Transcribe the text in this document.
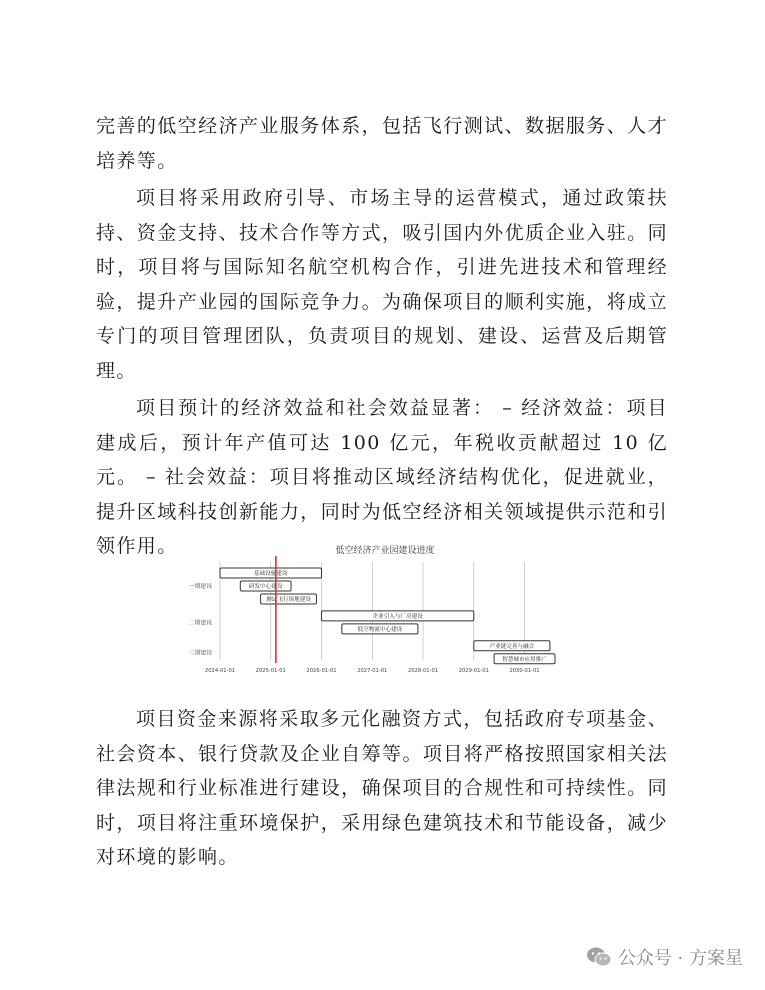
完善的低空经济产业服务体系，包括飞行测试、数据服务、人才培养等。

项目将采用政府引导、市场主导的运营模式，通过政策扶持、资金支持、技术合作等方式，吸引国内外优质企业入驻。同时，项目将与国际知名航空机构合作，引进先进技术和管理经验，提升产业园的国际竞争力。为确保项目的顺利实施，将成立专门的项目管理团队，负责项目的规划、建设、运营及后期管理。

项目预计的经济效益和社会效益显著： – 经济效益：项目建成后，预计年产值可达 100 亿元，年税收贡献超过 10 亿元。 – 社会效益：项目将推动区域经济结构优化，促进就业，提升区域科技创新能力，同时为低空经济相关领域提供示范和引领作用。	低空经济产业园建设进度
基础设施建设
研发中心建设
测试飞行场地建设
企业引入与厂房建设
低空物流中心建设
产业链完善与融合
智慧城市应用推广
一期建设
二期建设
三期建设
2024-01-01	2025-01-01	2026-01-01	2027-01-01	2028-01-01	2029-01-01	2030-01-01

项目资金来源将采取多元化融资方式，包括政府专项基金、社会资本、银行贷款及企业自筹等。项目将严格按照国家相关法律法规和行业标准进行建设，确保项目的合规性和可持续性。同时，项目将注重环境保护，采用绿色建筑技术和节能设备，减少对环境的影响。

公众号 · 方案星
